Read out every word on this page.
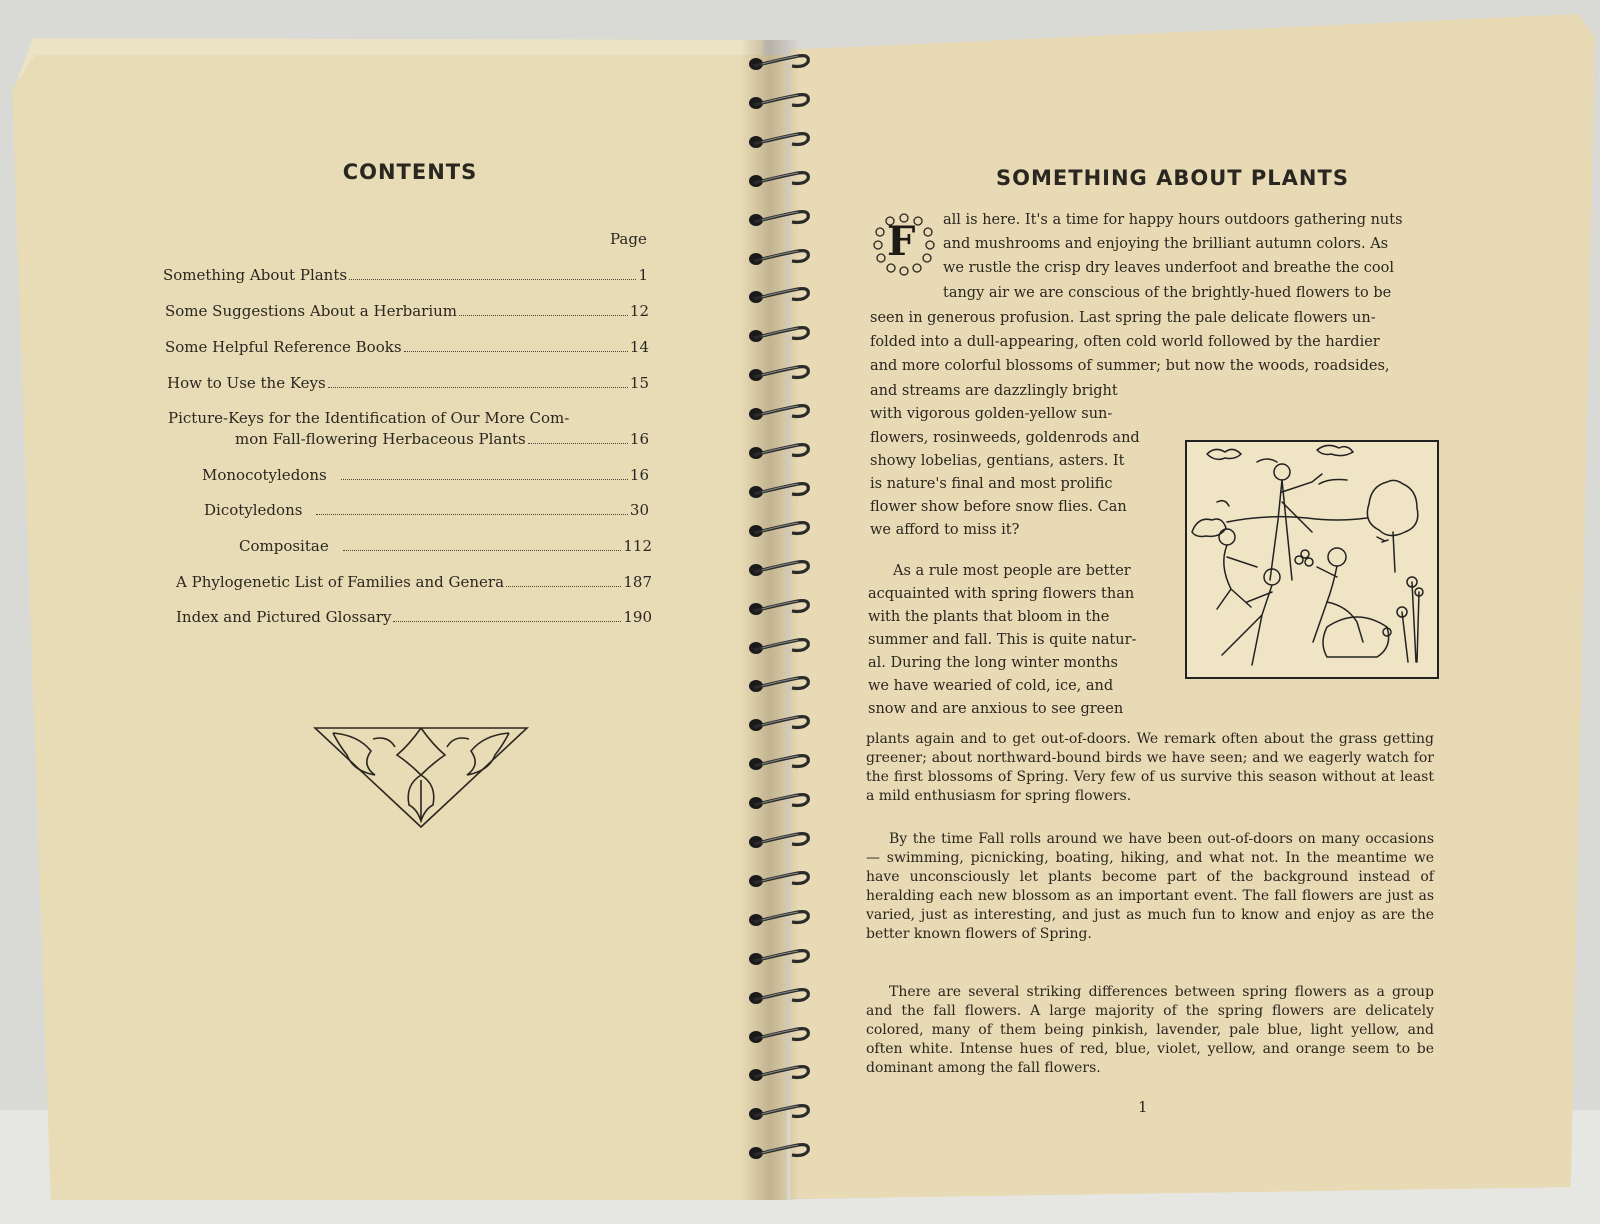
CONTENTS
Page
Something About Plants	1
Some Suggestions About a Herbarium	12
Some Helpful Reference Books	14
How to Use the Keys	15
Picture-Keys for the Identification of Our More Com-
mon Fall-flowering Herbaceous Plants	16
Monocotyledons	16
Dicotyledons	30
Compositae	112
A Phylogenetic List of Families and Genera	187
Index and Pictured Glossary	190
SOMETHING ABOUT PLANTS
F all is here. It's a time for happy hours outdoors gathering nuts
and mushrooms and enjoying the brilliant autumn colors. As
we rustle the crisp dry leaves underfoot and breathe the cool
tangy air we are conscious of the brightly-hued flowers to be
seen in generous profusion. Last spring the pale delicate flowers un-
folded into a dull-appearing, often cold world followed by the hardier
and more colorful blossoms of summer; but now the woods, roadsides,
and streams are dazzlingly bright
with vigorous golden-yellow sun-
flowers, rosinweeds, goldenrods and
showy lobelias, gentians, asters. It
is nature's final and most prolific
flower show before snow flies. Can
we afford to miss it?
As a rule most people are better
acquainted with spring flowers than
with the plants that bloom in the
summer and fall. This is quite natur-
al. During the long winter months
we have wearied of cold, ice, and
snow and are anxious to see green
plants again and to get out-of-doors. We remark often about the grass getting greener; about northward-bound birds we have seen; and we eagerly watch for the first blossoms of Spring. Very few of us survive this season without at least a mild enthusiasm for spring flowers.
By the time Fall rolls around we have been out-of-doors on many occasions — swimming, picnicking, boating, hiking, and what not. In the meantime we have unconsciously let plants become part of the background instead of heralding each new blossom as an important event. The fall flowers are just as varied, just as interesting, and just as much fun to know and enjoy as are the better known flowers of Spring.
There are several striking differences between spring flowers as a group and the fall flowers. A large majority of the spring flowers are delicately colored, many of them being pinkish, lavender, pale blue, light yellow, and often white. Intense hues of red, blue, violet, yellow, and orange seem to be dominant among the fall flowers.
1
